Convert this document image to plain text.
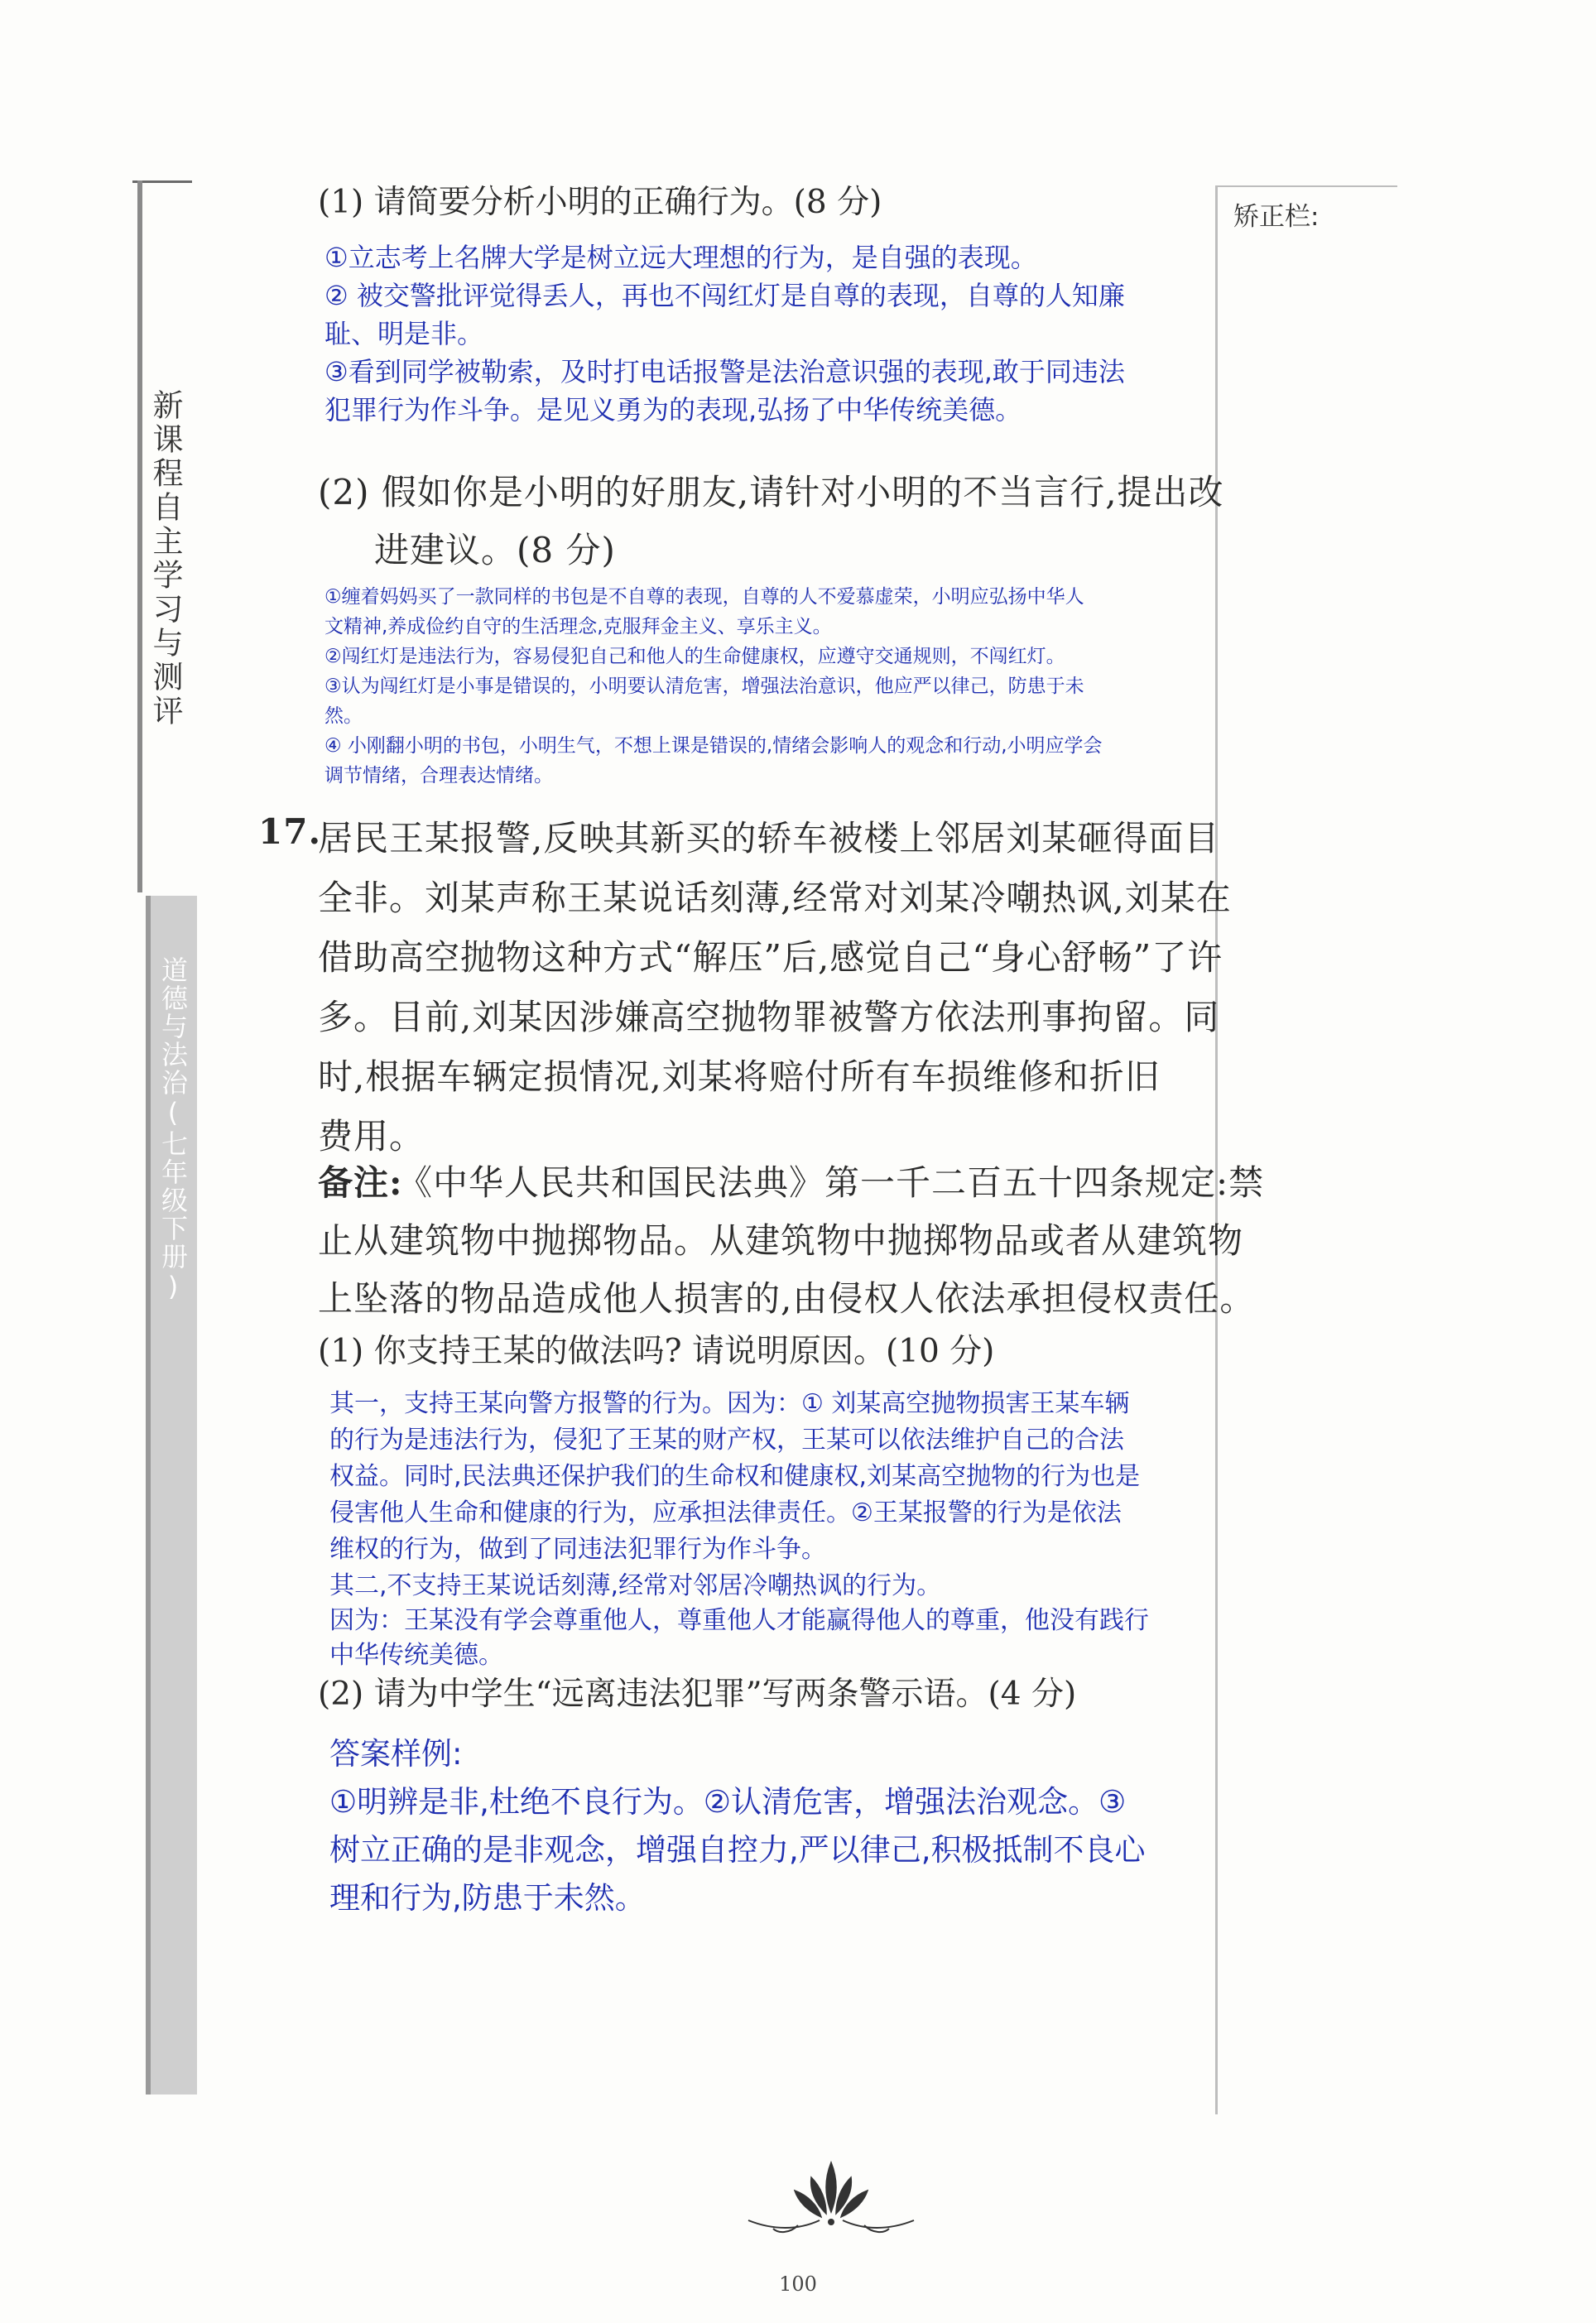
新课程自主学习与测评
道德与法治(七年级下册)
矫正栏:
(1) 请简要分析小明的正确行为。(8 分)
①立志考上名牌大学是树立远大理想的行为，是自强的表现。
② 被交警批评觉得丢人，再也不闯红灯是自尊的表现，自尊的人知廉
耻、明是非。
③看到同学被勒索，及时打电话报警是法治意识强的表现,敢于同违法
犯罪行为作斗争。是见义勇为的表现,弘扬了中华传统美德。
(2) 假如你是小明的好朋友,请针对小明的不当言行,提出改
进建议。(8 分)
①缠着妈妈买了一款同样的书包是不自尊的表现，自尊的人不爱慕虚荣，小明应弘扬中华人
文精神,养成俭约自守的生活理念,克服拜金主义、享乐主义。
②闯红灯是违法行为，容易侵犯自己和他人的生命健康权，应遵守交通规则，不闯红灯。
③认为闯红灯是小事是错误的，小明要认清危害，增强法治意识，他应严以律己，防患于未
然。
④ 小刚翻小明的书包，小明生气，不想上课是错误的,情绪会影响人的观念和行动,小明应学会
调节情绪，合理表达情绪。
17.
居民王某报警,反映其新买的轿车被楼上邻居刘某砸得面目
全非。刘某声称王某说话刻薄,经常对刘某冷嘲热讽,刘某在
借助高空抛物这种方式“解压”后,感觉自己“身心舒畅”了许
多。目前,刘某因涉嫌高空抛物罪被警方依法刑事拘留。同
时,根据车辆定损情况,刘某将赔付所有车损维修和折旧
费用。
备注:
《中华人民共和国民法典》第一千二百五十四条规定:禁
止从建筑物中抛掷物品。从建筑物中抛掷物品或者从建筑物
上坠落的物品造成他人损害的,由侵权人依法承担侵权责任。
(1) 你支持王某的做法吗? 请说明原因。(10 分)
其一，支持王某向警方报警的行为。因为：① 刘某高空抛物损害王某车辆
的行为是违法行为，侵犯了王某的财产权，王某可以依法维护自己的合法
权益。同时,民法典还保护我们的生命权和健康权,刘某高空抛物的行为也是
侵害他人生命和健康的行为，应承担法律责任。②王某报警的行为是依法
维权的行为，做到了同违法犯罪行为作斗争。
其二,不支持王某说话刻薄,经常对邻居冷嘲热讽的行为。
因为：王某没有学会尊重他人，尊重他人才能赢得他人的尊重，他没有践行
中华传统美德。
(2) 请为中学生“远离违法犯罪”写两条警示语。(4 分)
答案样例:
①明辨是非,杜绝不良行为。②认清危害，增强法治观念。③
树立正确的是非观念，增强自控力,严以律己,积极抵制不良心
理和行为,防患于未然。
100
